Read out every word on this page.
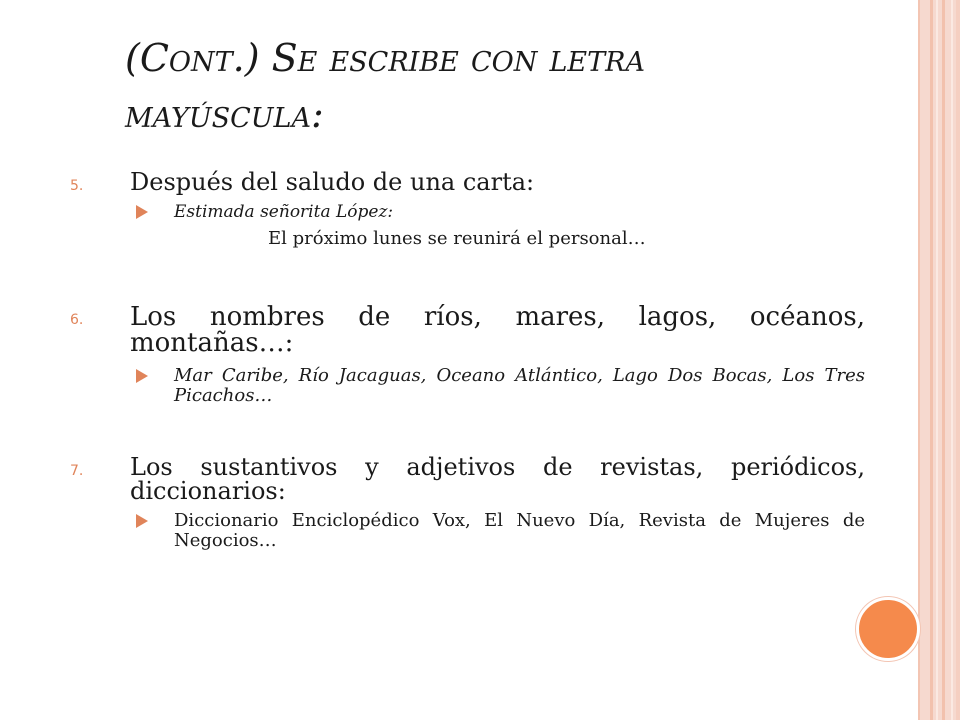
(Cont.) Se escribe con letra mayúscula:
5. Después del saludo de una carta:
Estimada señorita López:
El próximo lunes se reunirá el personal…
6. Los nombres de ríos, mares, lagos, océanos, montañas…:
Mar Caribe, Río Jacaguas, Oceano Atlántico, Lago Dos Bocas, Los Tres Picachos…
7. Los sustantivos y adjetivos de revistas, periódicos, diccionarios:
Diccionario Enciclopédico Vox, El Nuevo Día, Revista de Mujeres de Negocios…
